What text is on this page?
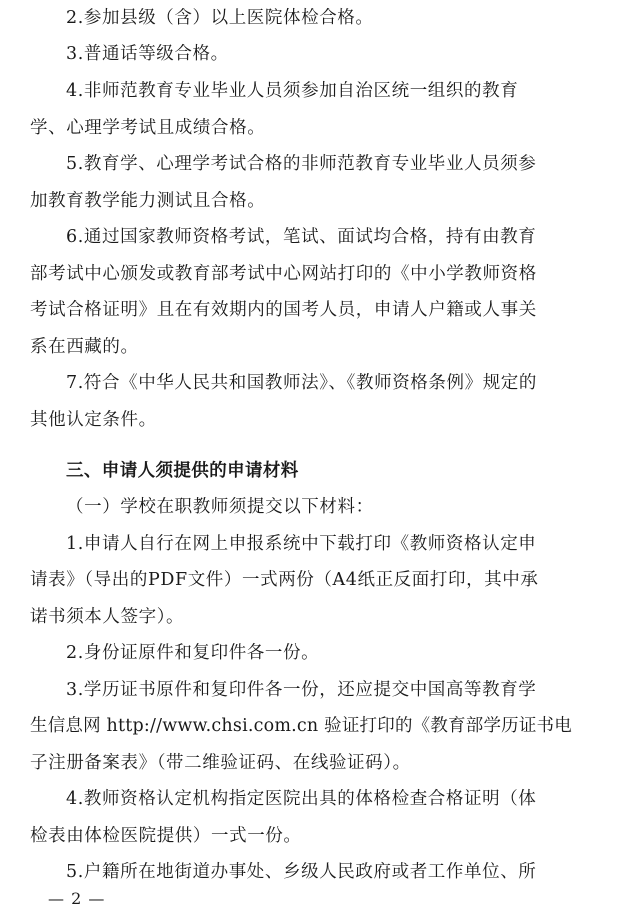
2.参加县级（含）以上医院体检合格。
3.普通话等级合格。
4.非师范教育专业毕业人员须参加自治区统一组织的教育
学、心理学考试且成绩合格。
5.教育学、心理学考试合格的非师范教育专业毕业人员须参
加教育教学能力测试且合格。
6.通过国家教师资格考试，笔试、面试均合格，持有由教育
部考试中心颁发或教育部考试中心网站打印的《中小学教师资格
考试合格证明》且在有效期内的国考人员，申请人户籍或人事关
系在西藏的。
7.符合《中华人民共和国教师法》、《教师资格条例》规定的
其他认定条件。
三、申请人须提供的申请材料
（一）学校在职教师须提交以下材料：
1.申请人自行在网上申报系统中下载打印《教师资格认定申
请表》（导出的PDF文件）一式两份（A4纸正反面打印，其中承
诺书须本人签字）。
2.身份证原件和复印件各一份。
3.学历证书原件和复印件各一份，还应提交中国高等教育学
生信息网 http://www.chsi.com.cn 验证打印的《教育部学历证书电
子注册备案表》（带二维验证码、在线验证码）。
4.教师资格认定机构指定医院出具的体格检查合格证明（体
检表由体检医院提供）一式一份。
5.户籍所在地街道办事处、乡级人民政府或者工作单位、所
— 2 —
